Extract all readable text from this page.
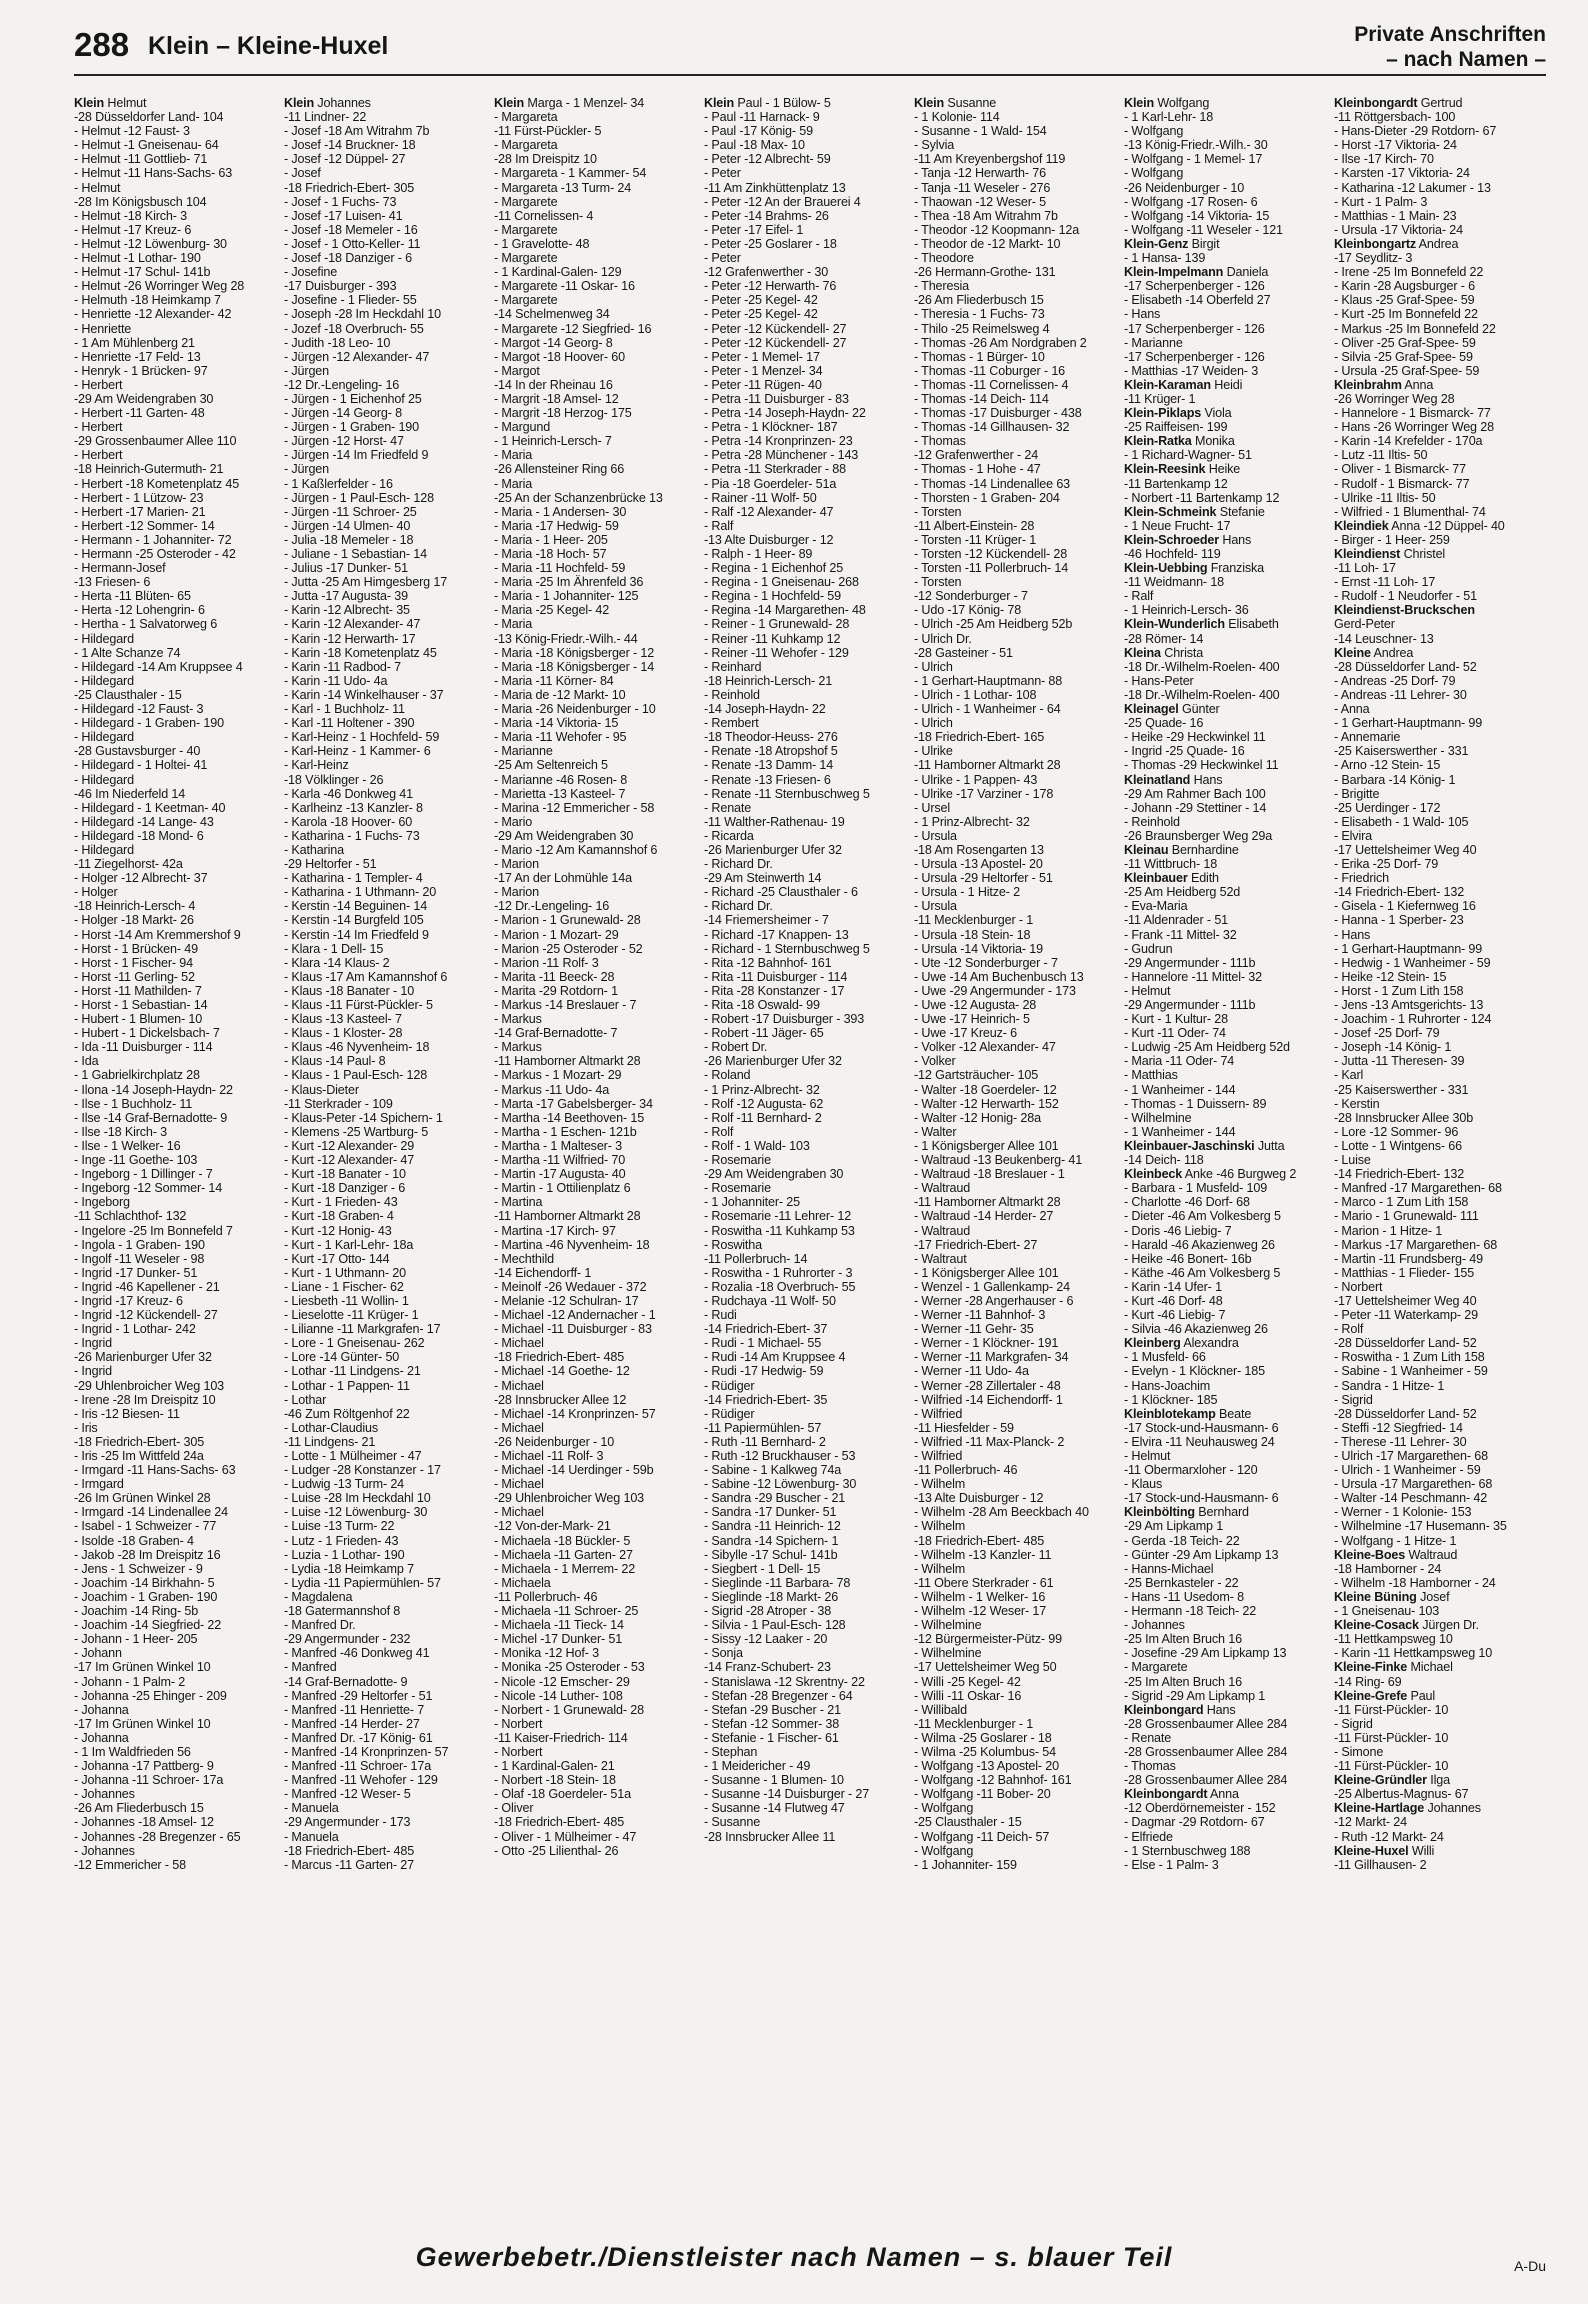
288 Klein – Kleine-Huxel	Private Anschriften
– nach Namen –
Klein Helmut
-28 Düsseldorfer Land- 104
- Helmut -12 Faust- 3
- Helmut -1 Gneisenau- 64
- Helmut -11 Gottlieb- 71
- Helmut -11 Hans-Sachs- 63
- Helmut
-28 Im Königsbusch 104
- Helmut -18 Kirch- 3
- Helmut -17 Kreuz- 6
- Helmut -12 Löwenburg- 30
- Helmut -1 Lothar- 190
- Helmut -17 Schul- 141b
- Helmut -26 Worringer Weg 28
- Helmuth -18 Heimkamp 7
- Henriette -12 Alexander- 42
- Henriette
- 1 Am Mühlenberg 21
- Henriette -17 Feld- 13
- Henryk - 1 Brücken- 97
- Herbert
-29 Am Weidengraben 30
- Herbert -11 Garten- 48
- Herbert
-29 Grossenbaumer Allee 110
- Herbert
-18 Heinrich-Gutermuth- 21
- Herbert -18 Kometenplatz 45
- Herbert - 1 Lützow- 23
- Herbert -17 Marien- 21
- Herbert -12 Sommer- 14
- Hermann - 1 Johanniter- 72
- Hermann -25 Osteroder - 42
- Hermann-Josef
-13 Friesen- 6
- Herta -11 Blüten- 65
- Herta -12 Lohengrin- 6
- Hertha - 1 Salvatorweg 6
- Hildegard
- 1 Alte Schanze 74
- Hildegard -14 Am Kruppsee 4
- Hildegard
-25 Clausthaler - 15
- Hildegard -12 Faust- 3
- Hildegard - 1 Graben- 190
- Hildegard
-28 Gustavsburger - 40
- Hildegard - 1 Holtei- 41
- Hildegard
-46 Im Niederfeld 14
- Hildegard - 1 Keetman- 40
- Hildegard -14 Lange- 43
- Hildegard -18 Mond- 6
- Hildegard
-11 Ziegelhorst- 42a
- Holger -12 Albrecht- 37
- Holger
-18 Heinrich-Lersch- 4
- Holger -18 Markt- 26
- Horst -14 Am Kremmershof 9
- Horst - 1 Brücken- 49
- Horst - 1 Fischer- 94
- Horst -11 Gerling- 52
- Horst -11 Mathilden- 7
- Horst - 1 Sebastian- 14
- Hubert - 1 Blumen- 10
- Hubert - 1 Dickelsbach- 7
- Ida -11 Duisburger - 114
- Ida
- 1 Gabrielkirchplatz 28
- Ilona -14 Joseph-Haydn- 22
- Ilse - 1 Buchholz- 11
- Ilse -14 Graf-Bernadotte- 9
- Ilse -18 Kirch- 3
- Ilse - 1 Welker- 16
- Inge -11 Goethe- 103
- Ingeborg - 1 Dillinger - 7
- Ingeborg -12 Sommer- 14
- Ingeborg
-11 Schlachthof- 132
- Ingelore -25 Im Bonnefeld 7
- Ingola - 1 Graben- 190
- Ingolf -11 Weseler - 98
- Ingrid -17 Dunker- 51
- Ingrid -46 Kapellener - 21
- Ingrid -17 Kreuz- 6
- Ingrid -12 Kückendell- 27
- Ingrid - 1 Lothar- 242
- Ingrid
-26 Marienburger Ufer 32
- Ingrid
-29 Uhlenbroicher Weg 103
- Irene -28 Im Dreispitz 10
- Iris -12 Biesen- 11
- Iris
-18 Friedrich-Ebert- 305
- Iris -25 Im Wittfeld 24a
- Irmgard -11 Hans-Sachs- 63
- Irmgard
-26 Im Grünen Winkel 28
- Irmgard -14 Lindenallee 24
- Isabel - 1 Schweizer - 77
- Isolde -18 Graben- 4
- Jakob -28 Im Dreispitz 16
- Jens - 1 Schweizer - 9
- Joachim -14 Birkhahn- 5
- Joachim - 1 Graben- 190
- Joachim -14 Ring- 5b
- Joachim -14 Siegfried- 22
- Johann - 1 Heer- 205
- Johann
-17 Im Grünen Winkel 10
- Johann - 1 Palm- 2
- Johanna -25 Ehinger - 209
- Johanna
-17 Im Grünen Winkel 10
- Johanna
- 1 Im Waldfrieden 56
- Johanna -17 Pattberg- 9
- Johanna -11 Schroer- 17a
- Johannes
-26 Am Fliederbusch 15
- Johannes -18 Amsel- 12
- Johannes -28 Bregenzer - 65
- Johannes
-12 Emmericher - 58
Klein Johannes
-11 Lindner- 22
- Josef -18 Am Witrahm 7b
- Josef -14 Bruckner- 18
- Josef -12 Düppel- 27
- Josef
-18 Friedrich-Ebert- 305
- Josef - 1 Fuchs- 73
- Josef -17 Luisen- 41
- Josef -18 Memeler - 16
- Josef - 1 Otto-Keller- 11
- Josef -18 Danziger - 6
- Josefine
-17 Duisburger - 393
- Josefine - 1 Flieder- 55
- Joseph -28 Im Heckdahl 10
- Jozef -18 Overbruch- 55
- Judith -18 Leo- 10
- Jürgen -12 Alexander- 47
- Jürgen
-12 Dr.-Lengeling- 16
- Jürgen - 1 Eichenhof 25
- Jürgen -14 Georg- 8
- Jürgen - 1 Graben- 190
- Jürgen -12 Horst- 47
- Jürgen -14 Im Friedfeld 9
- Jürgen
- 1 Kaßlerfelder - 16
- Jürgen - 1 Paul-Esch- 128
- Jürgen -11 Schroer- 25
- Jürgen -14 Ulmen- 40
- Julia -18 Memeler - 18
- Juliane - 1 Sebastian- 14
- Julius -17 Dunker- 51
- Jutta -25 Am Himgesberg 17
- Jutta -17 Augusta- 39
- Karin -12 Albrecht- 35
- Karin -12 Alexander- 47
- Karin -12 Herwarth- 17
- Karin -18 Kometenplatz 45
- Karin -11 Radbod- 7
- Karin -11 Udo- 4a
- Karin -14 Winkelhauser - 37
- Karl - 1 Buchholz- 11
- Karl -11 Holtener - 390
- Karl-Heinz - 1 Hochfeld- 59
- Karl-Heinz - 1 Kammer- 6
- Karl-Heinz
-18 Völklinger - 26
- Karla -46 Donkweg 41
- Karlheinz -13 Kanzler- 8
- Karola -18 Hoover- 60
- Katharina - 1 Fuchs- 73
- Katharina
-29 Heltorfer - 51
- Katharina - 1 Templer- 4
- Katharina - 1 Uthmann- 20
- Kerstin -14 Beguinen- 14
- Kerstin -14 Burgfeld 105
- Kerstin -14 Im Friedfeld 9
- Klara - 1 Dell- 15
- Klara -14 Klaus- 2
- Klaus -17 Am Kamannshof 6
- Klaus -18 Banater - 10
- Klaus -11 Fürst-Pückler- 5
- Klaus -13 Kasteel- 7
- Klaus - 1 Kloster- 28
- Klaus -46 Nyvenheim- 18
- Klaus -14 Paul- 8
- Klaus - 1 Paul-Esch- 128
- Klaus-Dieter
-11 Sterkrader - 109
- Klaus-Peter -14 Spichern- 1
- Klemens -25 Wartburg- 5
- Kurt -12 Alexander- 29
- Kurt -12 Alexander- 47
- Kurt -18 Banater - 10
- Kurt -18 Danziger - 6
- Kurt - 1 Frieden- 43
- Kurt -18 Graben- 4
- Kurt -12 Honig- 43
- Kurt - 1 Karl-Lehr- 18a
- Kurt -17 Otto- 144
- Kurt - 1 Uthmann- 20
- Liane - 1 Fischer- 62
- Liesbeth -11 Wollin- 1
- Lieselotte -11 Krüger- 1
- Lilianne -11 Markgrafen- 17
- Lore - 1 Gneisenau- 262
- Lore -14 Günter- 50
- Lothar -11 Lindgens- 21
- Lothar - 1 Pappen- 11
- Lothar
-46 Zum Röltgenhof 22
- Lothar-Claudius
-11 Lindgens- 21
- Lotte - 1 Mülheimer - 47
- Ludger -28 Konstanzer - 17
- Ludwig -13 Turm- 24
- Luise -28 Im Heckdahl 10
- Luise -12 Löwenburg- 30
- Luise -13 Turm- 22
- Lutz - 1 Frieden- 43
- Luzia - 1 Lothar- 190
- Lydia -18 Heimkamp 7
- Lydia -11 Papiermühlen- 57
- Magdalena
-18 Gatermannshof 8
- Manfred Dr.
-29 Angermunder - 232
- Manfred -46 Donkweg 41
- Manfred
-14 Graf-Bernadotte- 9
- Manfred -29 Heltorfer - 51
- Manfred -11 Henriette- 7
- Manfred -14 Herder- 27
- Manfred Dr. -17 König- 61
- Manfred -14 Kronprinzen- 57
- Manfred -11 Schroer- 17a
- Manfred -11 Wehofer - 129
- Manfred -12 Weser- 5
- Manuela
-29 Angermunder - 173
- Manuela
-18 Friedrich-Ebert- 485
- Marcus -11 Garten- 27
Klein Marga - 1 Menzel- 34
- Margareta
-11 Fürst-Pückler- 5
- Margareta
-28 Im Dreispitz 10
- Margareta - 1 Kammer- 54
- Margareta -13 Turm- 24
- Margarete
-11 Cornelissen- 4
- Margarete
- 1 Gravelotte- 48
- Margarete
- 1 Kardinal-Galen- 129
- Margarete -11 Oskar- 16
- Margarete
-14 Schelmenweg 34
- Margarete -12 Siegfried- 16
- Margot -14 Georg- 8
- Margot -18 Hoover- 60
- Margot
-14 In der Rheinau 16
- Margrit -18 Amsel- 12
- Margrit -18 Herzog- 175
- Margund
- 1 Heinrich-Lersch- 7
- Maria
-26 Allensteiner Ring 66
- Maria
-25 An der Schanzenbrücke 13
- Maria - 1 Andersen- 30
- Maria -17 Hedwig- 59
- Maria - 1 Heer- 205
- Maria -18 Hoch- 57
- Maria -11 Hochfeld- 59
- Maria -25 Im Ährenfeld 36
- Maria - 1 Johanniter- 125
- Maria -25 Kegel- 42
- Maria
-13 König-Friedr.-Wilh.- 44
- Maria -18 Königsberger - 12
- Maria -18 Königsberger - 14
- Maria -11 Körner- 84
- Maria de -12 Markt- 10
- Maria -26 Neidenburger - 10
- Maria -14 Viktoria- 15
- Maria -11 Wehofer - 95
- Marianne
-25 Am Seltenreich 5
- Marianne -46 Rosen- 8
- Marietta -13 Kasteel- 7
- Marina -12 Emmericher - 58
- Mario
-29 Am Weidengraben 30
- Mario -12 Am Kamannshof 6
- Marion
-17 An der Lohmühle 14a
- Marion
-12 Dr.-Lengeling- 16
- Marion - 1 Grunewald- 28
- Marion - 1 Mozart- 29
- Marion -25 Osteroder - 52
- Marion -11 Rolf- 3
- Marita -11 Beeck- 28
- Marita -29 Rotdorn- 1
- Markus -14 Breslauer - 7
- Markus
-14 Graf-Bernadotte- 7
- Markus
-11 Hamborner Altmarkt 28
- Markus - 1 Mozart- 29
- Markus -11 Udo- 4a
- Marta -17 Gabelsberger- 34
- Martha -14 Beethoven- 15
- Martha - 1 Eschen- 121b
- Martha - 1 Malteser- 3
- Martha -11 Wilfried- 70
- Martin -17 Augusta- 40
- Martin - 1 Ottilienplatz 6
- Martina
-11 Hamborner Altmarkt 28
- Martina -17 Kirch- 97
- Martina -46 Nyvenheim- 18
- Mechthild
-14 Eichendorff- 1
- Meinolf -26 Wedauer - 372
- Melanie -12 Schulran- 17
- Michael -12 Andernacher - 1
- Michael -11 Duisburger - 83
- Michael
-18 Friedrich-Ebert- 485
- Michael -14 Goethe- 12
- Michael
-28 Innsbrucker Allee 12
- Michael -14 Kronprinzen- 57
- Michael
-26 Neidenburger - 10
- Michael -11 Rolf- 3
- Michael -14 Uerdinger - 59b
- Michael
-29 Uhlenbroicher Weg 103
- Michael
-12 Von-der-Mark- 21
- Michaela -18 Bückler- 5
- Michaela -11 Garten- 27
- Michaela - 1 Merrem- 22
- Michaela
-11 Pollerbruch- 46
- Michaela -11 Schroer- 25
- Michaela -11 Tieck- 14
- Michel -17 Dunker- 51
- Monika -12 Hof- 3
- Monika -25 Osteroder - 53
- Nicole -12 Emscher- 29
- Nicole -14 Luther- 108
- Norbert - 1 Grunewald- 28
- Norbert
-11 Kaiser-Friedrich- 114
- Norbert
- 1 Kardinal-Galen- 21
- Norbert -18 Stein- 18
- Olaf -18 Goerdeler- 51a
- Oliver
-18 Friedrich-Ebert- 485
- Oliver - 1 Mülheimer - 47
- Otto -25 Lilienthal- 26
Klein Paul - 1 Bülow- 5
- Paul -11 Harnack- 9
- Paul -17 König- 59
- Paul -18 Max- 10
- Peter -12 Albrecht- 59
- Peter
-11 Am Zinkhüttenplatz 13
- Peter -12 An der Brauerei 4
- Peter -14 Brahms- 26
- Peter -17 Eifel- 1
- Peter -25 Goslarer - 18
- Peter
-12 Grafenwerther - 30
- Peter -12 Herwarth- 76
- Peter -25 Kegel- 42
- Peter -25 Kegel- 42
- Peter -12 Kückendell- 27
- Peter -12 Kückendell- 27
- Peter - 1 Memel- 17
- Peter - 1 Menzel- 34
- Peter -11 Rügen- 40
- Petra -11 Duisburger - 83
- Petra -14 Joseph-Haydn- 22
- Petra - 1 Klöckner- 187
- Petra -14 Kronprinzen- 23
- Petra -28 Münchener - 143
- Petra -11 Sterkrader - 88
- Pia -18 Goerdeler- 51a
- Rainer -11 Wolf- 50
- Ralf -12 Alexander- 47
- Ralf
-13 Alte Duisburger - 12
- Ralph - 1 Heer- 89
- Regina - 1 Eichenhof 25
- Regina - 1 Gneisenau- 268
- Regina - 1 Hochfeld- 59
- Regina -14 Margarethen- 48
- Reiner - 1 Grunewald- 28
- Reiner -11 Kuhkamp 12
- Reiner -11 Wehofer - 129
- Reinhard
-18 Heinrich-Lersch- 21
- Reinhold
-14 Joseph-Haydn- 22
- Rembert
-18 Theodor-Heuss- 276
- Renate -18 Atropshof 5
- Renate -13 Damm- 14
- Renate -13 Friesen- 6
- Renate -11 Sternbuschweg 5
- Renate
-11 Walther-Rathenau- 19
- Ricarda
-26 Marienburger Ufer 32
- Richard Dr.
-29 Am Steinwerth 14
- Richard -25 Clausthaler - 6
- Richard Dr.
-14 Friemersheimer - 7
- Richard -17 Knappen- 13
- Richard - 1 Sternbuschweg 5
- Rita -12 Bahnhof- 161
- Rita -11 Duisburger - 114
- Rita -28 Konstanzer - 17
- Rita -18 Oswald- 99
- Robert -17 Duisburger - 393
- Robert -11 Jäger- 65
- Robert Dr.
-26 Marienburger Ufer 32
- Roland
- 1 Prinz-Albrecht- 32
- Rolf -12 Augusta- 62
- Rolf -11 Bernhard- 2
- Rolf
- Rolf - 1 Wald- 103
- Rosemarie
-29 Am Weidengraben 30
- Rosemarie
- 1 Johanniter- 25
- Rosemarie -11 Lehrer- 12
- Roswitha -11 Kuhkamp 53
- Roswitha
-11 Pollerbruch- 14
- Roswitha - 1 Ruhrorter - 3
- Rozalia -18 Overbruch- 55
- Rudchaya -11 Wolf- 50
- Rudi
-14 Friedrich-Ebert- 37
- Rudi - 1 Michael- 55
- Rudi -14 Am Kruppsee 4
- Rudi -17 Hedwig- 59
- Rüdiger
-14 Friedrich-Ebert- 35
- Rüdiger
-11 Papiermühlen- 57
- Ruth -11 Bernhard- 2
- Ruth -12 Bruckhauser - 53
- Sabine - 1 Kalkweg 74a
- Sabine -12 Löwenburg- 30
- Sandra -29 Buscher - 21
- Sandra -17 Dunker- 51
- Sandra -11 Heinrich- 12
- Sandra -14 Spichern- 1
- Sibylle -17 Schul- 141b
- Siegbert - 1 Dell- 15
- Sieglinde -11 Barbara- 78
- Sieglinde -18 Markt- 26
- Sigrid -28 Atroper - 38
- Silvia - 1 Paul-Esch- 128
- Sissy -12 Laaker - 20
- Sonja
-14 Franz-Schubert- 23
- Stanislawa -12 Skrentny- 22
- Stefan -28 Bregenzer - 64
- Stefan -29 Buscher - 21
- Stefan -12 Sommer- 38
- Stefanie - 1 Fischer- 61
- Stephan
- 1 Meidericher - 49
- Susanne - 1 Blumen- 10
- Susanne -14 Duisburger - 27
- Susanne -14 Flutweg 47
- Susanne
-28 Innsbrucker Allee 11
Klein Susanne
- 1 Kolonie- 114
- Susanne - 1 Wald- 154
- Sylvia
-11 Am Kreyenbergshof 119
- Tanja -12 Herwarth- 76
- Tanja -11 Weseler - 276
- Thaowan -12 Weser- 5
- Thea -18 Am Witrahm 7b
- Theodor -12 Koopmann- 12a
- Theodor de -12 Markt- 10
- Theodore
-26 Hermann-Grothe- 131
- Theresia
-26 Am Fliederbusch 15
- Theresia - 1 Fuchs- 73
- Thilo -25 Reimelsweg 4
- Thomas -26 Am Nordgraben 2
- Thomas - 1 Bürger- 10
- Thomas -11 Coburger - 16
- Thomas -11 Cornelissen- 4
- Thomas -14 Deich- 114
- Thomas -17 Duisburger - 438
- Thomas -14 Gillhausen- 32
- Thomas
-12 Grafenwerther - 24
- Thomas - 1 Hohe - 47
- Thomas -14 Lindenallee 63
- Thorsten - 1 Graben- 204
- Torsten
-11 Albert-Einstein- 28
- Torsten -11 Krüger- 1
- Torsten -12 Kückendell- 28
- Torsten -11 Pollerbruch- 14
- Torsten
-12 Sonderburger - 7
- Udo -17 König- 78
- Ulrich -25 Am Heidberg 52b
- Ulrich Dr.
-28 Gasteiner - 51
- Ulrich
- 1 Gerhart-Hauptmann- 88
- Ulrich - 1 Lothar- 108
- Ulrich - 1 Wanheimer - 64
- Ulrich
-18 Friedrich-Ebert- 165
- Ulrike
-11 Hamborner Altmarkt 28
- Ulrike - 1 Pappen- 43
- Ulrike -17 Varziner - 178
- Ursel
- 1 Prinz-Albrecht- 32
- Ursula
-18 Am Rosengarten 13
- Ursula -13 Apostel- 20
- Ursula -29 Heltorfer - 51
- Ursula - 1 Hitze- 2
- Ursula
-11 Mecklenburger - 1
- Ursula -18 Stein- 18
- Ursula -14 Viktoria- 19
- Ute -12 Sonderburger - 7
- Uwe -14 Am Buchenbusch 13
- Uwe -29 Angermunder - 173
- Uwe -12 Augusta- 28
- Uwe -17 Heinrich- 5
- Uwe -17 Kreuz- 6
- Volker -12 Alexander- 47
- Volker
-12 Gartsträucher- 105
- Walter -18 Goerdeler- 12
- Walter -12 Herwarth- 152
- Walter -12 Honig- 28a
- Walter
- 1 Königsberger Allee 101
- Waltraud -13 Beukenberg- 41
- Waltraud -18 Breslauer - 1
- Waltraud
-11 Hamborner Altmarkt 28
- Waltraud -14 Herder- 27
- Waltraud
-17 Friedrich-Ebert- 27
- Waltraut
- 1 Königsberger Allee 101
- Wenzel - 1 Gallenkamp- 24
- Werner -28 Angerhauser - 6
- Werner -11 Bahnhof- 3
- Werner -11 Gehr- 35
- Werner - 1 Klöckner- 191
- Werner -11 Markgrafen- 34
- Werner -11 Udo- 4a
- Werner -28 Zillertaler - 48
- Wilfried -14 Eichendorff- 1
- Wilfried
-11 Hiesfelder - 59
- Wilfried -11 Max-Planck- 2
- Wilfried
-11 Pollerbruch- 46
- Wilhelm
-13 Alte Duisburger - 12
- Wilhelm -28 Am Beeckbach 40
- Wilhelm
-18 Friedrich-Ebert- 485
- Wilhelm -13 Kanzler- 11
- Wilhelm
-11 Obere Sterkrader - 61
- Wilhelm - 1 Welker- 16
- Wilhelm -12 Weser- 17
- Wilhelmine
-12 Bürgermeister-Pütz- 99
- Wilhelmine
-17 Uettelsheimer Weg 50
- Willi -25 Kegel- 42
- Willi -11 Oskar- 16
- Willibald
-11 Mecklenburger - 1
- Wilma -25 Goslarer - 18
- Wilma -25 Kolumbus- 54
- Wolfgang -13 Apostel- 20
- Wolfgang -12 Bahnhof- 161
- Wolfgang -11 Bober- 20
- Wolfgang
-25 Clausthaler - 15
- Wolfgang -11 Deich- 57
- Wolfgang
- 1 Johanniter- 159
Klein Wolfgang
- 1 Karl-Lehr- 18
- Wolfgang
-13 König-Friedr.-Wilh.- 30
- Wolfgang - 1 Memel- 17
- Wolfgang
-26 Neidenburger - 10
- Wolfgang -17 Rosen- 6
- Wolfgang -14 Viktoria- 15
- Wolfgang -11 Weseler - 121
Klein-Genz Birgit
- 1 Hansa- 139
Klein-Impelmann Daniela
-17 Scherpenberger - 126
- Elisabeth -14 Oberfeld 27
- Hans
-17 Scherpenberger - 126
- Marianne
-17 Scherpenberger - 126
- Matthias -17 Weiden- 3
Klein-Karaman Heidi
-11 Krüger- 1
Klein-Piklaps Viola
-25 Raiffeisen- 199
Klein-Ratka Monika
- 1 Richard-Wagner- 51
Klein-Reesink Heike
-11 Bartenkamp 12
- Norbert -11 Bartenkamp 12
Klein-Schmeink Stefanie
- 1 Neue Frucht- 17
Klein-Schroeder Hans
-46 Hochfeld- 119
Klein-Uebbing Franziska
-11 Weidmann- 18
- Ralf
- 1 Heinrich-Lersch- 36
Klein-Wunderlich Elisabeth
-28 Römer- 14
Kleina Christa
-18 Dr.-Wilhelm-Roelen- 400
- Hans-Peter
-18 Dr.-Wilhelm-Roelen- 400
Kleinagel Günter
-25 Quade- 16
- Heike -29 Heckwinkel 11
- Ingrid -25 Quade- 16
- Thomas -29 Heckwinkel 11
Kleinatland Hans
-29 Am Rahmer Bach 100
- Johann -29 Stettiner - 14
- Reinhold
-26 Braunsberger Weg 29a
Kleinau Bernhardine
-11 Wittbruch- 18
Kleinbauer Edith
-25 Am Heidberg 52d
- Eva-Maria
-11 Aldenrader - 51
- Frank -11 Mittel- 32
- Gudrun
-29 Angermunder - 111b
- Hannelore -11 Mittel- 32
- Helmut
-29 Angermunder - 111b
- Kurt - 1 Kultur- 28
- Kurt -11 Oder- 74
- Ludwig -25 Am Heidberg 52d
- Maria -11 Oder- 74
- Matthias
- 1 Wanheimer - 144
- Thomas - 1 Duissern- 89
- Wilhelmine
- 1 Wanheimer - 144
Kleinbauer-Jaschinski Jutta
-14 Deich- 118
Kleinbeck Anke -46 Burgweg 2
- Barbara - 1 Musfeld- 109
- Charlotte -46 Dorf- 68
- Dieter -46 Am Volkesberg 5
- Doris -46 Liebig- 7
- Harald -46 Akazienweg 26
- Heike -46 Bonert- 16b
- Käthe -46 Am Volkesberg 5
- Karin -14 Ufer- 1
- Kurt -46 Dorf- 48
- Kurt -46 Liebig- 7
- Silvia -46 Akazienweg 26
Kleinberg Alexandra
- 1 Musfeld- 66
- Evelyn - 1 Klöckner- 185
- Hans-Joachim
- 1 Klöckner- 185
Kleinblotekamp Beate
-17 Stock-und-Hausmann- 6
- Elvira -11 Neuhausweg 24
- Helmut
-11 Obermarxloher - 120
- Klaus
-17 Stock-und-Hausmann- 6
Kleinbölting Bernhard
-29 Am Lipkamp 1
- Gerda -18 Teich- 22
- Günter -29 Am Lipkamp 13
- Hanns-Michael
-25 Bernkasteler - 22
- Hans -11 Usedom- 8
- Hermann -18 Teich- 22
- Johannes
-25 Im Alten Bruch 16
- Josefine -29 Am Lipkamp 13
- Margarete
-25 Im Alten Bruch 16
- Sigrid -29 Am Lipkamp 1
Kleinbongard Hans
-28 Grossenbaumer Allee 284
- Renate
-28 Grossenbaumer Allee 284
- Thomas
-28 Grossenbaumer Allee 284
Kleinbongardt Anna
-12 Oberdörnemeister - 152
- Dagmar -29 Rotdorn- 67
- Elfriede
- 1 Sternbuschweg 188
- Else - 1 Palm- 3
Kleinbongardt Gertrud
-11 Röttgersbach- 100
- Hans-Dieter -29 Rotdorn- 67
- Horst -17 Viktoria- 24
- Ilse -17 Kirch- 70
- Karsten -17 Viktoria- 24
- Katharina -12 Lakumer - 13
- Kurt - 1 Palm- 3
- Matthias - 1 Main- 23
- Ursula -17 Viktoria- 24
Kleinbongartz Andrea
-17 Seydlitz- 3
- Irene -25 Im Bonnefeld 22
- Karin -28 Augsburger - 6
- Klaus -25 Graf-Spee- 59
- Kurt -25 Im Bonnefeld 22
- Markus -25 Im Bonnefeld 22
- Oliver -25 Graf-Spee- 59
- Silvia -25 Graf-Spee- 59
- Ursula -25 Graf-Spee- 59
Kleinbrahm Anna
-26 Worringer Weg 28
- Hannelore - 1 Bismarck- 77
- Hans -26 Worringer Weg 28
- Karin -14 Krefelder - 170a
- Lutz -11 Iltis- 50
- Oliver - 1 Bismarck- 77
- Rudolf - 1 Bismarck- 77
- Ulrike -11 Iltis- 50
- Wilfried - 1 Blumenthal- 74
Kleindiek Anna -12 Düppel- 40
- Birger - 1 Heer- 259
Kleindienst Christel
-11 Loh- 17
- Ernst -11 Loh- 17
- Rudolf - 1 Neudorfer - 51
Kleindienst-Bruckschen
Gerd-Peter
-14 Leuschner- 13
Kleine Andrea
-28 Düsseldorfer Land- 52
- Andreas -25 Dorf- 79
- Andreas -11 Lehrer- 30
- Anna
- 1 Gerhart-Hauptmann- 99
- Annemarie
-25 Kaiserswerther - 331
- Arno -12 Stein- 15
- Barbara -14 König- 1
- Brigitte
-25 Uerdinger - 172
- Elisabeth - 1 Wald- 105
- Elvira
-17 Uettelsheimer Weg 40
- Erika -25 Dorf- 79
- Friedrich
-14 Friedrich-Ebert- 132
- Gisela - 1 Kiefernweg 16
- Hanna - 1 Sperber- 23
- Hans
- 1 Gerhart-Hauptmann- 99
- Hedwig - 1 Wanheimer - 59
- Heike -12 Stein- 15
- Horst - 1 Zum Lith 158
- Jens -13 Amtsgerichts- 13
- Joachim - 1 Ruhrorter - 124
- Josef -25 Dorf- 79
- Joseph -14 König- 1
- Jutta -11 Theresen- 39
- Karl
-25 Kaiserswerther - 331
- Kerstin
-28 Innsbrucker Allee 30b
- Lore -12 Sommer- 96
- Lotte - 1 Wintgens- 66
- Luise
-14 Friedrich-Ebert- 132
- Manfred -17 Margarethen- 68
- Marco - 1 Zum Lith 158
- Mario - 1 Grunewald- 111
- Marion - 1 Hitze- 1
- Markus -17 Margarethen- 68
- Martin -11 Frundsberg- 49
- Matthias - 1 Flieder- 155
- Norbert
-17 Uettelsheimer Weg 40
- Peter -11 Waterkamp- 29
- Rolf
-28 Düsseldorfer Land- 52
- Roswitha - 1 Zum Lith 158
- Sabine - 1 Wanheimer - 59
- Sandra - 1 Hitze- 1
- Sigrid
-28 Düsseldorfer Land- 52
- Steffi -12 Siegfried- 14
- Therese -11 Lehrer- 30
- Ulrich -17 Margarethen- 68
- Ulrich - 1 Wanheimer - 59
- Ursula -17 Margarethen- 68
- Walter -14 Peschmann- 42
- Werner - 1 Kolonie- 153
- Wilhelmine -17 Husemann- 35
- Wolfgang - 1 Hitze- 1
Kleine-Boes Waltraud
-18 Hamborner - 24
- Wilhelm -18 Hamborner - 24
Kleine Büning Josef
- 1 Gneisenau- 103
Kleine-Cosack Jürgen Dr.
-11 Hettkampsweg 10
- Karin -11 Hettkampsweg 10
Kleine-Finke Michael
-14 Ring- 69
Kleine-Grefe Paul
-11 Fürst-Pückler- 10
- Sigrid
-11 Fürst-Pückler- 10
- Simone
-11 Fürst-Pückler- 10
Kleine-Gründler Ilga
-25 Albertus-Magnus- 67
Kleine-Hartlage Johannes
-12 Markt- 24
- Ruth -12 Markt- 24
Kleine-Huxel Willi
-11 Gillhausen- 2
Gewerbebetr./Dienstleister nach Namen – s. blauer Teil	A-Du
